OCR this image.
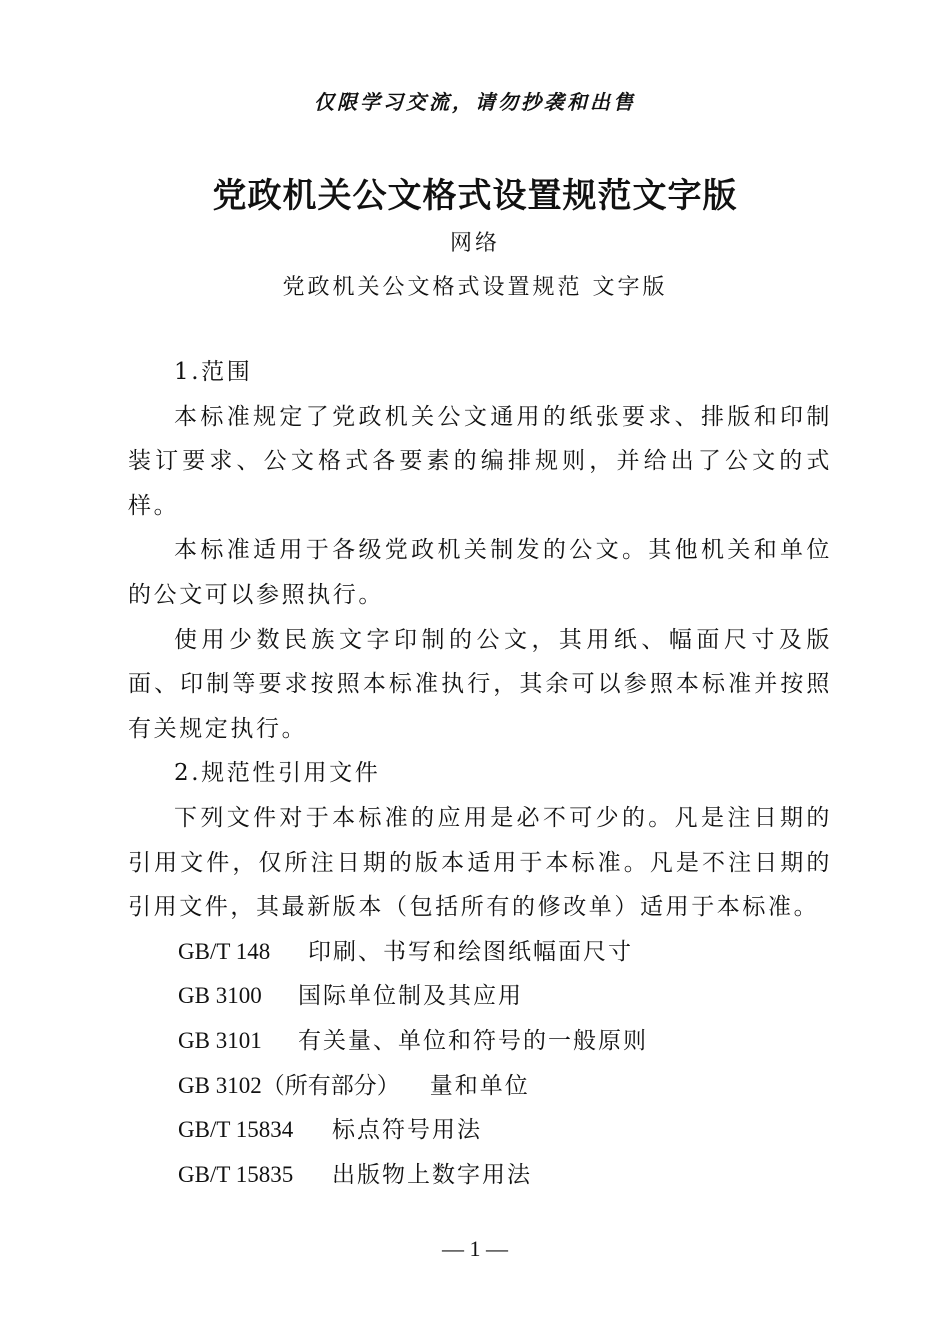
仅限学习交流，请勿抄袭和出售
党政机关公文格式设置规范文字版
网络
党政机关公文格式设置规范 文字版

1.范围

本标准规定了党政机关公文通用的纸张要求、排版和印制装订要求、公文格式各要素的编排规则，并给出了公文的式样。

本标准适用于各级党政机关制发的公文。其他机关和单位的公文可以参照执行。

使用少数民族文字印制的公文，其用纸、幅面尺寸及版面、印制等要求按照本标准执行，其余可以参照本标准并按照有关规定执行。

2.规范性引用文件

下列文件对于本标准的应用是必不可少的。凡是注日期的引用文件，仅所注日期的版本适用于本标准。凡是不注日期的引用文件，其最新版本（包括所有的修改单）适用于本标准。

GB/T 148 印刷、书写和绘图纸幅面尺寸

GB 3100 国际单位制及其应用

GB 3101 有关量、单位和符号的一般原则

GB 3102（所有部分） 量和单位

GB/T 15834 标点符号用法

GB/T 15835 出版物上数字用法

— 1 —
